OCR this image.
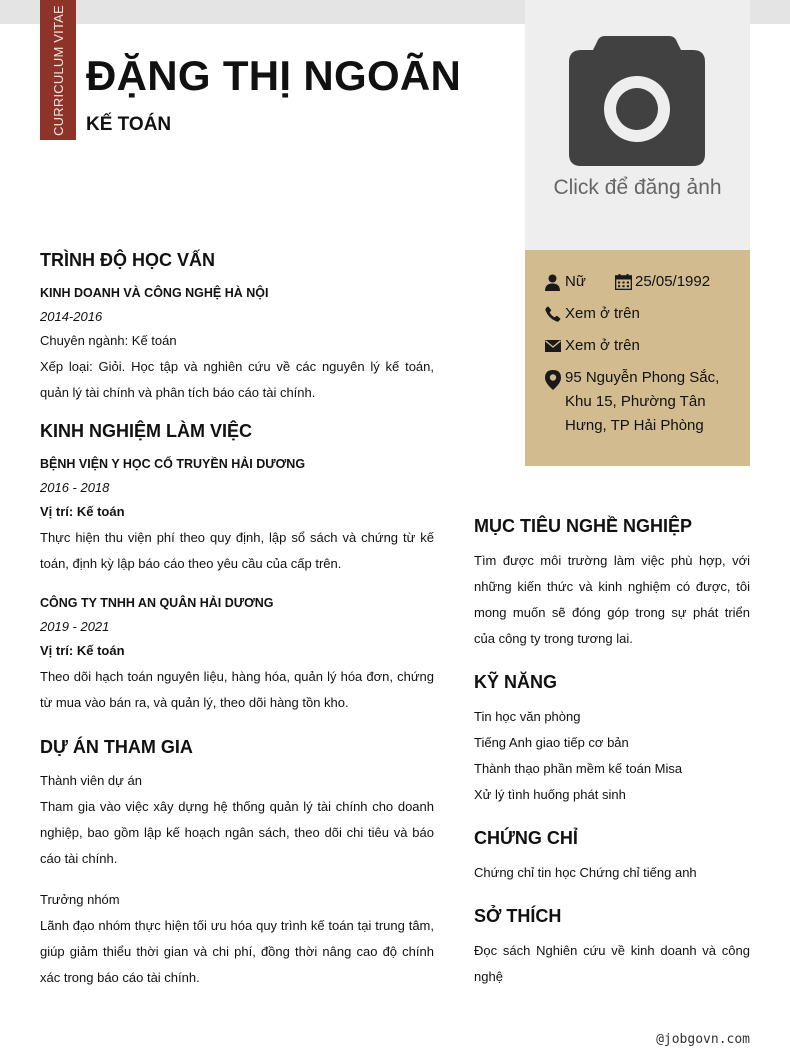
CURRICULUM VITAE ĐẶNG THỊ NGOÃN
KẾ TOÁN
Click để đăng ảnh
Nữ	25/05/1992
Xem ở trên
Xem ở trên
95 Nguyễn Phong Sắc,
Khu 15, Phường Tân
Hưng, TP Hải Phòng
TRÌNH ĐỘ HỌC VẤN
KINH DOANH VÀ CÔNG NGHỆ HÀ NỘI
2014-2016
Chuyên ngành: Kế toán
Xếp loại: Giỏi. Học tập và nghiên cứu về các nguyên lý kế toán, quản lý tài chính và phân tích báo cáo tài chính.
KINH NGHIỆM LÀM VIỆC
BỆNH VIỆN Y HỌC CỔ TRUYỀN HẢI DƯƠNG
2016 - 2018
Vị trí: Kế toán
Thực hiện thu viện phí theo quy định, lập sổ sách và chứng từ kế toán, định kỳ lập báo cáo theo yêu cầu của cấp trên.
CÔNG TY TNHH AN QUÂN HẢI DƯƠNG
2019 - 2021
Vị trí: Kế toán
Theo dõi hạch toán nguyên liệu, hàng hóa, quản lý hóa đơn, chứng từ mua vào bán ra, và quản lý, theo dõi hàng tồn kho.
DỰ ÁN THAM GIA
Thành viên dự án
Tham gia vào việc xây dựng hệ thống quản lý tài chính cho doanh nghiệp, bao gồm lập kế hoạch ngân sách, theo dõi chi tiêu và báo cáo tài chính.
Trưởng nhóm
Lãnh đạo nhóm thực hiện tối ưu hóa quy trình kế toán tại trung tâm, giúp giảm thiểu thời gian và chi phí, đồng thời nâng cao độ chính xác trong báo cáo tài chính.
MỤC TIÊU NGHỀ NGHIỆP
Tìm được môi trường làm việc phù hợp, với những kiến thức và kinh nghiệm có được, tôi mong muốn sẽ đóng góp trong sự phát triển của công ty trong tương lai.
KỸ NĂNG
Tin học văn phòng
Tiếng Anh giao tiếp cơ bản
Thành thạo phần mềm kế toán Misa
Xử lý tình huống phát sinh
CHỨNG CHỈ
Chứng chỉ tin học Chứng chỉ tiếng anh
SỞ THÍCH
Đọc sách Nghiên cứu về kinh doanh và công nghệ
@jobgovn.com
